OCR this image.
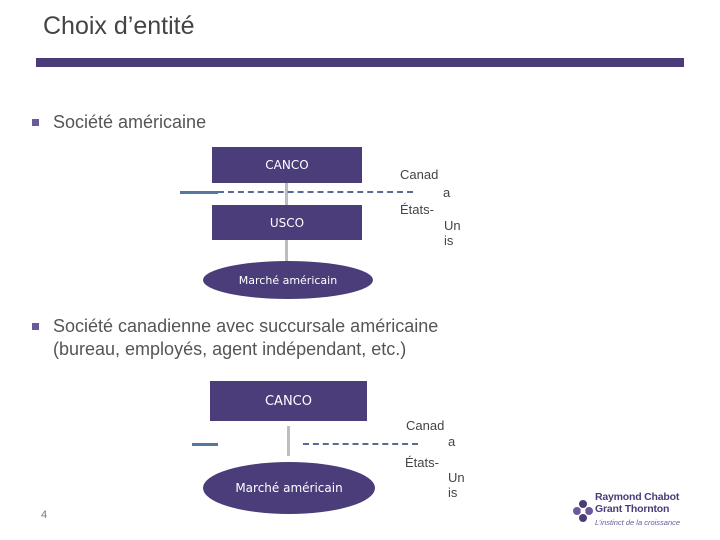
Choix d’entité
Société américaine
CANCO
USCO
Marché américain
Canad
a
États-
Un
is
Société canadienne avec succursale américaine
(bureau, employés, agent indépendant, etc.)
CANCO
Marché américain
Canad
a
États-
Un
is
4
Raymond Chabot
Grant Thornton
L’instinct de la croissance
